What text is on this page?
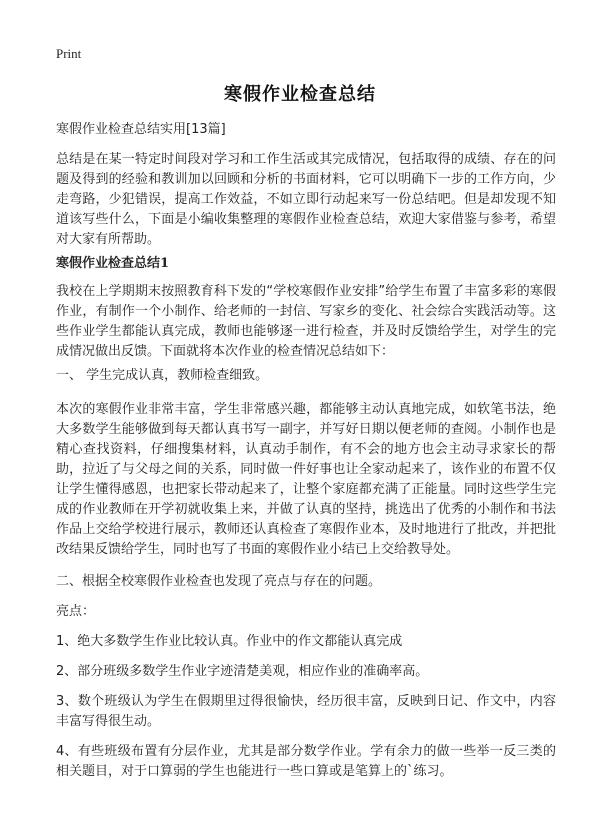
Print
寒假作业检查总结

寒假作业检查总结实用[13篇]

总结是在某一特定时间段对学习和工作生活或其完成情况，包括取得的成绩、存在的问题及得到的经验和教训加以回顾和分析的书面材料，它可以明确下一步的工作方向，少走弯路，少犯错误，提高工作效益，不如立即行动起来写一份总结吧。但是却发现不知道该写些什么，下面是小编收集整理的寒假作业检查总结，欢迎大家借鉴与参考，希望对大家有所帮助。

寒假作业检查总结1

我校在上学期期末按照教育科下发的“学校寒假作业安排”给学生布置了丰富多彩的寒假作业，有制作一个小制作、给老师的一封信、写家乡的变化、社会综合实践活动等。这些作业学生都能认真完成，教师也能够逐一进行检查，并及时反馈给学生，对学生的完成情况做出反馈。下面就将本次作业的检查情况总结如下：

一、 学生完成认真，教师检查细致。

本次的寒假作业非常丰富，学生非常感兴趣，都能够主动认真地完成，如软笔书法，绝大多数学生能够做到每天都认真书写一副字，并写好日期以便老师的查阅。小制作也是精心查找资料，仔细搜集材料，认真动手制作，有不会的地方也会主动寻求家长的帮助，拉近了与父母之间的关系，同时做一件好事也让全家动起来了，该作业的布置不仅让学生懂得感恩，也把家长带动起来了，让整个家庭都充满了正能量。同时这些学生完成的作业教师在开学初就收集上来，并做了认真的坚持，挑选出了优秀的小制作和书法作品上交给学校进行展示，教师还认真检查了寒假作业本，及时地进行了批改，并把批改结果反馈给学生，同时也写了书面的寒假作业小结已上交给教导处。

二、根据全校寒假作业检查也发现了亮点与存在的问题。

亮点：

1、绝大多数学生作业比较认真。作业中的作文都能认真完成

2、部分班级多数学生作业字迹清楚美观，相应作业的准确率高。

3、数个班级认为学生在假期里过得很愉快，经历很丰富，反映到日记、作文中，内容丰富写得很生动。

4、有些班级布置有分层作业，尤其是部分数学作业。学有余力的做一些举一反三类的相关题目，对于口算弱的学生也能进行一些口算或是笔算上的`练习。
